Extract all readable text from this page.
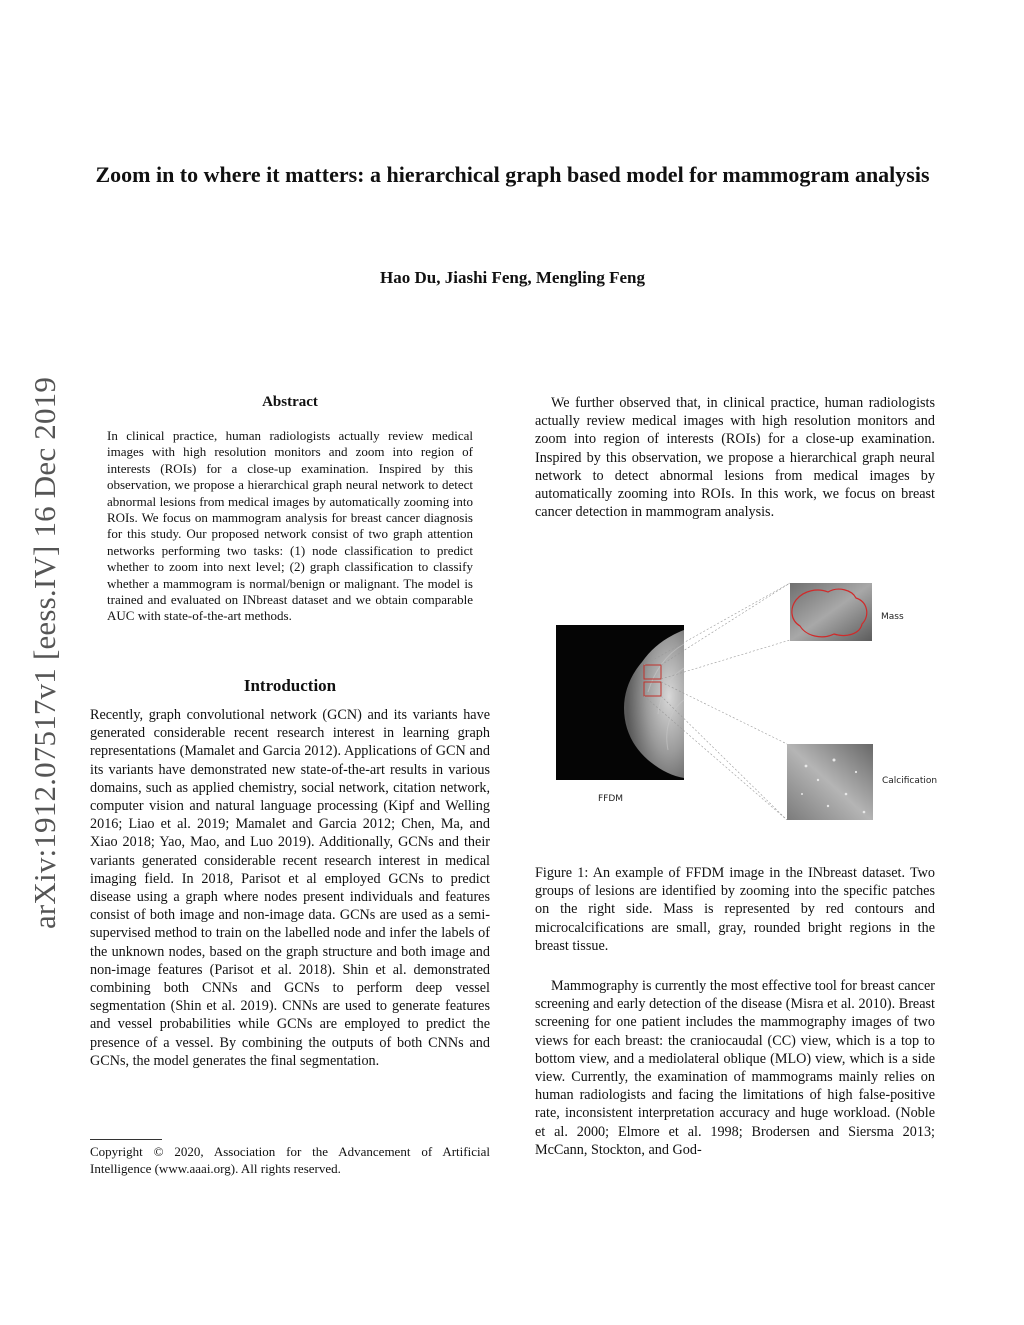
arXiv:1912.07517v1 [eess.IV] 16 Dec 2019
Zoom in to where it matters: a hierarchical graph based model for mammogram analysis

Hao Du, Jiashi Feng, Mengling Feng

Abstract

In clinical practice, human radiologists actually review medical images with high resolution monitors and zoom into region of interests (ROIs) for a close-up examination. Inspired by this observation, we propose a hierarchical graph neural network to detect abnormal lesions from medical images by automatically zooming into ROIs. We focus on mammogram analysis for breast cancer diagnosis for this study. Our proposed network consist of two graph attention networks performing two tasks: (1) node classification to predict whether to zoom into next level; (2) graph classification to classify whether a mammogram is normal/benign or malignant. The model is trained and evaluated on INbreast dataset and we obtain comparable AUC with state-of-the-art methods.

Introduction

Recently, graph convolutional network (GCN) and its variants have generated considerable recent research interest in learning graph representations (Mamalet and Garcia 2012). Applications of GCN and its variants have demonstrated new state-of-the-art results in various domains, such as applied chemistry, social network, citation network, computer vision and natural language processing (Kipf and Welling 2016; Liao et al. 2019; Mamalet and Garcia 2012; Chen, Ma, and Xiao 2018; Yao, Mao, and Luo 2019). Additionally, GCNs and their variants generated considerable recent research interest in medical imaging field. In 2018, Parisot et al employed GCNs to predict disease using a graph where nodes present individuals and features consist of both image and non-image data. GCNs are used as a semi-supervised method to train on the labelled node and infer the labels of the unknown nodes, based on the graph structure and both image and non-image features (Parisot et al. 2018). Shin et al. demonstrated combining both CNNs and GCNs to perform deep vessel segmentation (Shin et al. 2019). CNNs are used to generate features and vessel probabilities while GCNs are employed to predict the presence of a vessel. By combining the outputs of both CNNs and GCNs, the model generates the final segmentation.

Copyright © 2020, Association for the Advancement of Artificial Intelligence (www.aaai.org). All rights reserved.

We further observed that, in clinical practice, human radiologists actually review medical images with high resolution monitors and zoom into region of interests (ROIs) for a close-up examination. Inspired by this observation, we propose a hierarchical graph neural network to detect abnormal lesions from medical images by automatically zooming into ROIs. In this work, we focus on breast cancer detection in mammogram analysis.

FFDM
Mass
Calcification

Figure 1: An example of FFDM image in the INbreast dataset. Two groups of lesions are identified by zooming into the specific patches on the right side. Mass is represented by red contours and microcalcifications are small, gray, rounded bright regions in the breast tissue.

Mammography is currently the most effective tool for breast cancer screening and early detection of the disease (Misra et al. 2010). Breast screening for one patient includes the mammography images of two views for each breast: the craniocaudal (CC) view, which is a top to bottom view, and a mediolateral oblique (MLO) view, which is a side view. Currently, the examination of mammograms mainly relies on human radiologists and facing the limitations of high false-positive rate, inconsistent interpretation accuracy and huge workload. (Noble et al. 2000; Elmore et al. 1998; Brodersen and Siersma 2013; McCann, Stockton, and God-
